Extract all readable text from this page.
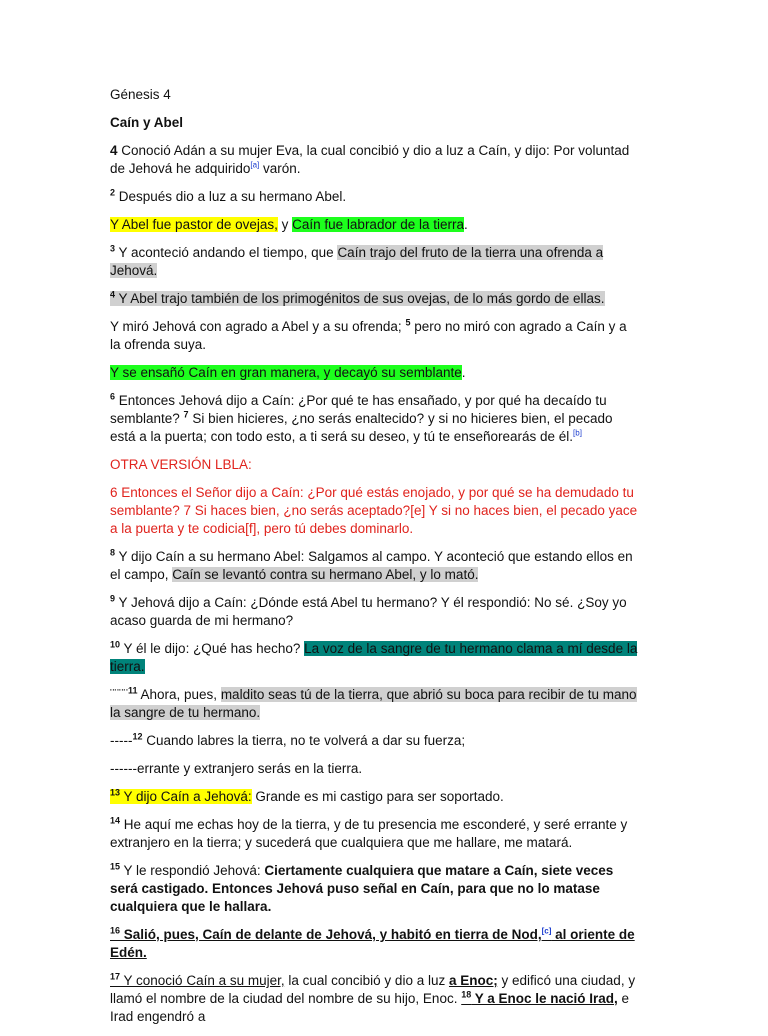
Génesis 4

Caín y Abel

4 Conoció Adán a su mujer Eva, la cual concibió y dio a luz a Caín, y dijo: Por voluntad de Jehová he adquirido[a] varón.

$^2$ Después dio a luz a su hermano Abel.

Y Abel fue pastor de ovejas, y Caín fue labrador de la tierra.

$^3$ Y aconteció andando el tiempo, que Caín trajo del fruto de la tierra una ofrenda a Jehová.

$^4$ Y Abel trajo también de los primogénitos de sus ovejas, de lo más gordo de ellas.

Y miró Jehová con agrado a Abel y a su ofrenda; $^5$ pero no miró con agrado a Caín y a la ofrenda suya.

Y se ensañó Caín en gran manera, y decayó su semblante.

$^6$ Entonces Jehová dijo a Caín: ¿Por qué te has ensañado, y por qué ha decaído tu semblante? $^7$ Si bien hicieres, ¿no serás enaltecido? y si no hicieres bien, el pecado está a la puerta; con todo esto, a ti será su deseo, y tú te enseñorearás de él.[b]

OTRA VERSIÓN LBLA:

6 Entonces el Señor dijo a Caín: ¿Por qué estás enojado, y por qué se ha demudado tu semblante? 7 Si haces bien, ¿no serás aceptado?[e] Y si no haces bien, el pecado yace a la puerta y te codicia[f], pero tú debes dominarlo.

$^8$ Y dijo Caín a su hermano Abel: Salgamos al campo. Y aconteció que estando ellos en el campo, Caín se levantó contra su hermano Abel, y lo mató.

$^9$ Y Jehová dijo a Caín: ¿Dónde está Abel tu hermano? Y él respondió: No sé. ¿Soy yo acaso guarda de mi hermano?

$^{10}$ Y él le dijo: ¿Qué has hecho? La voz de la sangre de tu hermano clama a mí desde la tierra.

¨¨¨¨$^{11}$ Ahora, pues, maldito seas tú de la tierra, que abrió su boca para recibir de tu mano la sangre de tu hermano.

-----$^{12}$ Cuando labres la tierra, no te volverá a dar su fuerza;

------errante y extranjero serás en la tierra.

$^{13}$ Y dijo Caín a Jehová: Grande es mi castigo para ser soportado.

$^{14}$ He aquí me echas hoy de la tierra, y de tu presencia me esconderé, y seré errante y extranjero en la tierra; y sucederá que cualquiera que me hallare, me matará.

$^{15}$ Y le respondió Jehová: Ciertamente cualquiera que matare a Caín, siete veces será castigado. Entonces Jehová puso señal en Caín, para que no lo matase cualquiera que le hallara.

$^{16}$ Salió, pues, Caín de delante de Jehová, y habitó en tierra de Nod,[c] al oriente de Edén.

$^{17}$ Y conoció Caín a su mujer, la cual concibió y dio a luz a Enoc; y edificó una ciudad, y llamó el nombre de la ciudad del nombre de su hijo, Enoc. $^{18}$ Y a Enoc le nació Irad, e Irad engendró a
